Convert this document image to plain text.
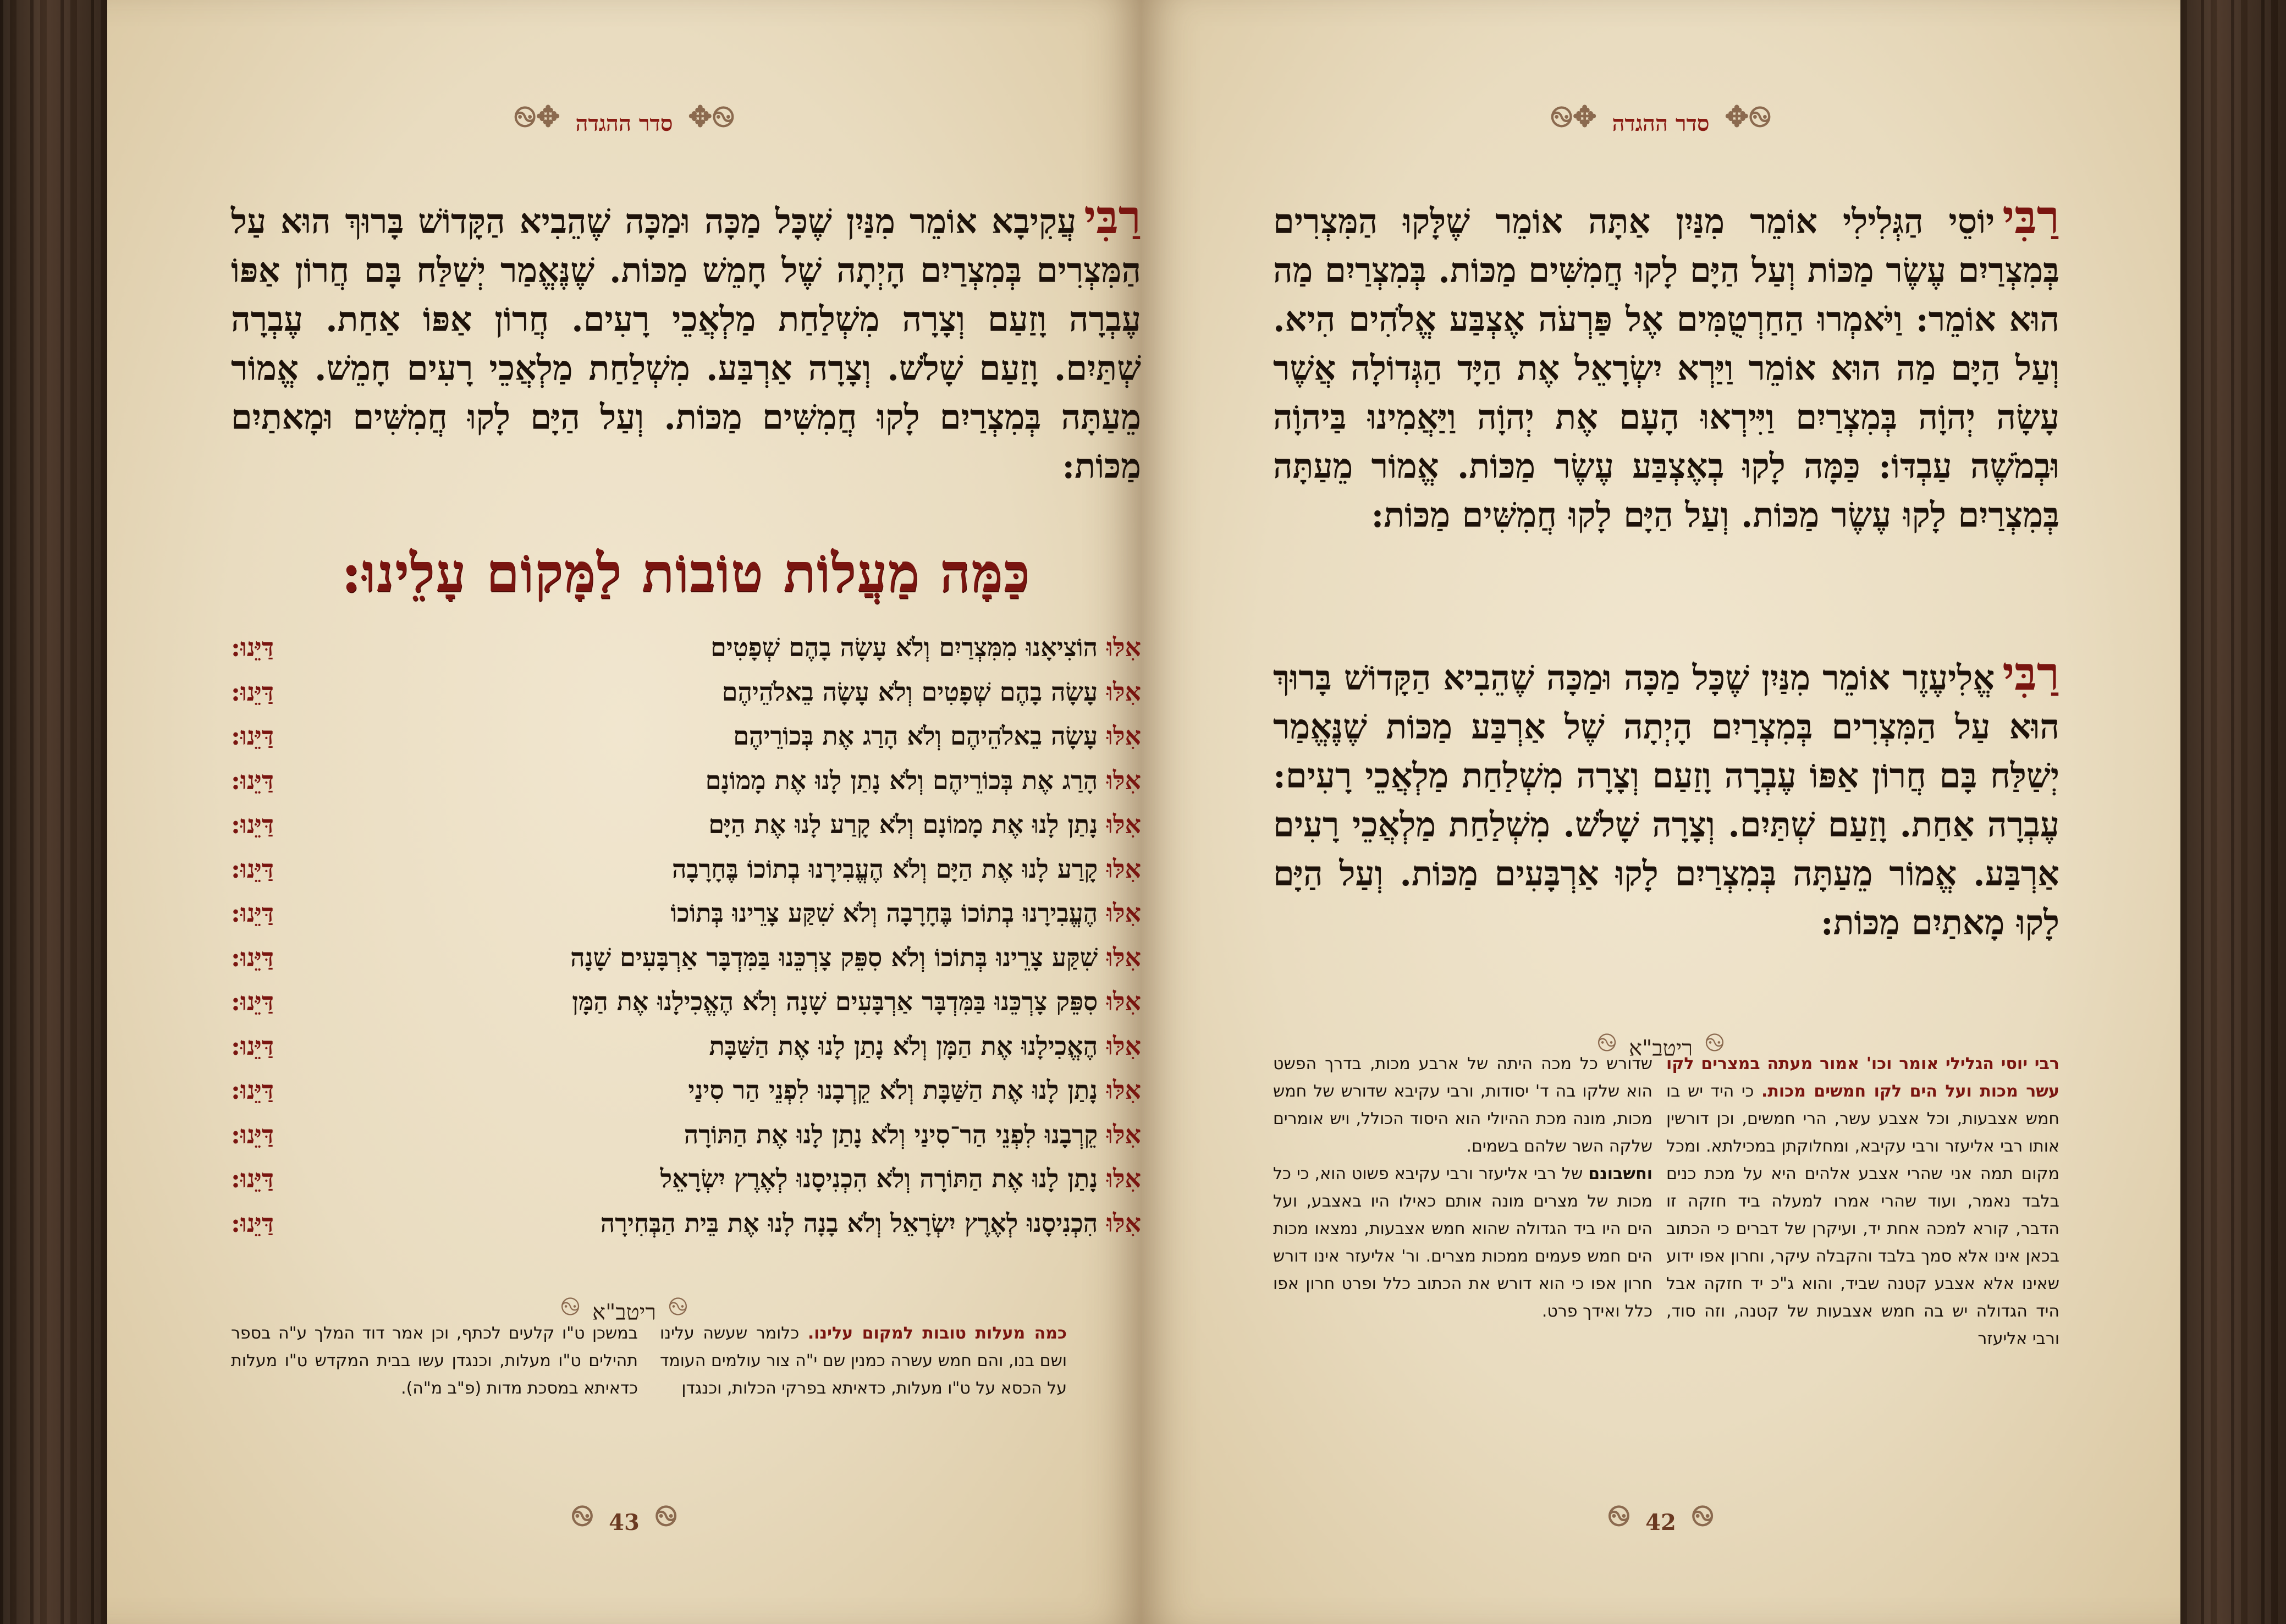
࿊✥ סדר ההגדה ✥࿊
רַבִּיעֲקִיבָא אוֹמֵר מִנַּיִן שֶׁכָּל מַכָּה וּמַכָּה שֶׁהֵבִיא הַקָּדוֹשׁ בָּרוּךְ הוּא עַל הַמִּצְרִים בְּמִצְרַיִם הָיְתָה שֶׁל חָמֵשׁ מַכּוֹת. שֶׁנֶּאֱמַר יְשַׁלַּח בָּם חֲרוֹן אַפּוֹ עֶבְרָה וָזַעַם וְצָרָה מִשְׁלַחַת מַלְאֲכֵי רָעִים. חֲרוֹן אַפּוֹ אַחַת. עֶבְרָה שְׁתַּיִם. וָזַעַם שָׁלֹשׁ. וְצָרָה אַרְבַּע. מִשְׁלַחַת מַלְאֲכֵי רָעִים חָמֵשׁ. אֱמוֹר מֵעַתָּה בְּמִצְרַיִם לָקוּ חֲמִשִּׁים מַכּוֹת. וְעַל הַיָּם לָקוּ חֲמִשִּׁים וּמָאתַיִם מַכּוֹת:
כַּמָּה מַעֲלוֹת טוֹבוֹת לַמָּקוֹם עָלֵינוּ:
אִלּוּ הוֹצִיאָנוּ מִמִּצְרַיִם וְלֹא עָשָׂה בָהֶם שְׁפָטִים
דַּיֵּנוּ:
אִלּוּ עָשָׂה בָהֶם שְׁפָטִים וְלֹא עָשָׂה בֵאלֹהֵיהֶם
דַּיֵּנוּ:
אִלּוּ עָשָׂה בֵאלֹהֵיהֶם וְלֹא הָרַג אֶת בְּכוֹרֵיהֶם
דַּיֵּנוּ:
אִלּוּ הָרַג אֶת בְּכוֹרֵיהֶם וְלֹא נָתַן לָנוּ אֶת מָמוֹנָם
דַּיֵּנוּ:
אִלּוּ נָתַן לָנוּ אֶת מָמוֹנָם וְלֹא קָרַע לָנוּ אֶת הַיָּם
דַּיֵּנוּ:
אִלּוּ קָרַע לָנוּ אֶת הַיָּם וְלֹא הֶעֱבִירָנוּ בְתוֹכוֹ בֶּחָרָבָה
דַּיֵּנוּ:
אִלּוּ הֶעֱבִירָנוּ בְתוֹכוֹ בֶּחָרָבָה וְלֹא שִׁקַּע צָרֵינוּ בְּתוֹכוֹ
דַּיֵּנוּ:
אִלּוּ שִׁקַּע צָרֵינוּ בְּתוֹכוֹ וְלֹא סִפֵּק צָרְכֵּנוּ בַּמִּדְבָּר אַרְבָּעִים שָׁנָה
דַּיֵּנוּ:
אִלּוּ סִפֵּק צָרְכֵּנוּ בַּמִּדְבָּר אַרְבָּעִים שָׁנָה וְלֹא הֶאֱכִילָנוּ אֶת הַמָּן
דַּיֵּנוּ:
אִלּוּ הֶאֱכִילָנוּ אֶת הַמָּן וְלֹא נָתַן לָנוּ אֶת הַשַּׁבָּת
דַּיֵּנוּ:
אִלּוּ נָתַן לָנוּ אֶת הַשַּׁבָּת וְלֹא קֵרְבָנוּ לִפְנֵי הַר סִינַי
דַּיֵּנוּ:
אִלּוּ קֵרְבָנוּ לִפְנֵי הַר־סִינַי וְלֹא נָתַן לָנוּ אֶת הַתּוֹרָה
דַּיֵּנוּ:
אִלּוּ נָתַן לָנוּ אֶת הַתּוֹרָה וְלֹא הִכְנִיסָנוּ לְאֶרֶץ יִשְׂרָאֵל
דַּיֵּנוּ:
אִלּוּ הִכְנִיסָנוּ לְאֶרֶץ יִשְׂרָאֵל וְלֹא בָנָה לָנוּ אֶת בֵּית הַבְּחִירָה
דַּיֵּנוּ:
࿊ ריטב"א ࿊
כמה מעלות טובות למקום עלינו. כלומר שעשה עלינו ושם בנו, והם חמש עשרה כמנין שם י"ה צור עולמים העומד על הכסא על ט"ו מעלות, כדאיתא בפרקי הכלות, וכנגדן
במשכן ט"ו קלעים לכתף, וכן אמר דוד המלך ע"ה בספר תהילים ט"ו מעלות, וכנגדן עשו בבית המקדש ט"ו מעלות כדאיתא במסכת מדות (פ"ב מ"ה).
࿊ 43 ࿊
࿊✥ סדר ההגדה ✥࿊
רַבִּייוֹסֵי הַגְּלִילִי אוֹמֵר מִנַּיִן אַתָּה אוֹמֵר שֶׁלָּקוּ הַמִּצְרִים בְּמִצְרַיִם עֶשֶׂר מַכּוֹת וְעַל הַיָּם לָקוּ חֲמִשִּׁים מַכּוֹת. בְּמִצְרַיִם מַה הוּא אוֹמֵר: וַיֹּאמְרוּ הַחַרְטֻמִּים אֶל פַּרְעֹה אֶצְבַּע אֱלֹהִים הִיא. וְעַל הַיָּם מַה הוּא אוֹמֵר וַיַּרְא יִשְׂרָאֵל אֶת הַיָּד הַגְּדוֹלָה אֲשֶׁר עָשָׂה יְהוָֹה בְּמִצְרַיִם וַיִּירְאוּ הָעָם אֶת יְהוָֹה וַיַּאֲמִינוּ בַּיהוָֹה וּבְמֹשֶׁה עַבְדּוֹ: כַּמָּה לָקוּ בְאֶצְבַּע עֶשֶׂר מַכּוֹת. אֱמוֹר מֵעַתָּה בְּמִצְרַיִם לָקוּ עֶשֶׂר מַכּוֹת. וְעַל הַיָּם לָקוּ חֲמִשִּׁים מַכּוֹת:
רַבִּיאֱלִיעֶזֶר אוֹמֵר מִנַּיִן שֶׁכָּל מַכָּה וּמַכָּה שֶׁהֵבִיא הַקָּדוֹשׁ בָּרוּךְ הוּא עַל הַמִּצְרִים בְּמִצְרַיִם הָיְתָה שֶׁל אַרְבַּע מַכּוֹת שֶׁנֶּאֱמַר יְשַׁלַּח בָּם חֲרוֹן אַפּוֹ עֶבְרָה וָזַעַם וְצָרָה מִשְׁלַחַת מַלְאֲכֵי רָעִים: עֶבְרָה אַחַת. וָזַעַם שְׁתַּיִם. וְצָרָה שָׁלֹשׁ. מִשְׁלַחַת מַלְאֲכֵי רָעִים אַרְבַּע. אֱמוֹר מֵעַתָּה בְּמִצְרַיִם לָקוּ אַרְבָּעִים מַכּוֹת. וְעַל הַיָּם לָקוּ מָאתַיִם מַכּוֹת:
࿊ ריטב"א ࿊
רבי יוסי הגלילי אומר וכו' אמור מעתה במצרים לקו עשר מכות ועל הים לקו חמשים מכות. כי היד יש בו חמש אצבעות, וכל אצבע עשר, הרי חמשים, וכן דורשין אותו רבי אליעזר ורבי עקיבא, ומחלוקתן במכילתא. ומכל מקום תמה אני שהרי אצבע אלהים היא על מכת כנים בלבד נאמר, ועוד שהרי אמרו למעלה ביד חזקה זו הדבר, קורא למכה אחת יד, ועיקרן של דברים כי הכתוב בכאן אינו אלא סמך בלבד והקבלה עיקר, וחרון אפו ידוע שאינו אלא אצבע קטנה שביד, והוא ג"כ יד חזקה אבל היד הגדולה יש בה חמש אצבעות של קטנה, וזה סוד, ורבי אליעזר
שדורש כל מכה היתה של ארבע מכות, בדרך הפשט הוא שלקו בה ד' יסודות, ורבי עקיבא שדורש של חמש מכות, מונה מכת ההיולי הוא היסוד הכולל, ויש אומרים שלקה השר שלהם בשמים.
וחשבונם של רבי אליעזר ורבי עקיבא פשוט הוא, כי כל מכות של מצרים מונה אותם כאילו היו באצבע, ועל הים היו ביד הגדולה שהוא חמש אצבעות, נמצאו מכות הים חמש פעמים ממכות מצרים. ור' אליעזר אינו דורש חרון אפו כי הוא דורש את הכתוב כלל ופרט חרון אפו כלל ואידך פרט.
࿊ 42 ࿊
